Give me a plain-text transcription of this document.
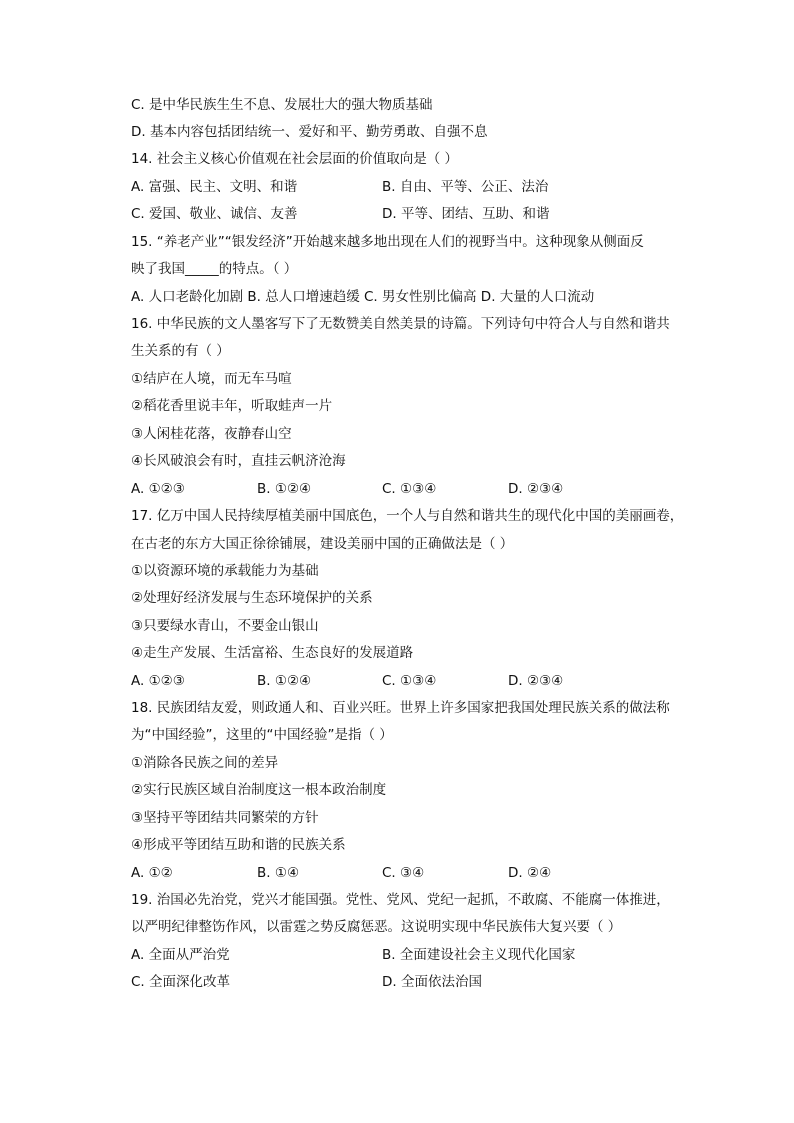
C. 是中华民族生生不息、发展壮大的强大物质基础
D. 基本内容包括团结统一、爱好和平、勤劳勇敢、自强不息
14. 社会主义核心价值观在社会层面的价值取向是（ ）
A. 富强、民主、文明、和谐	B. 自由、平等、公正、法治
C. 爱国、敬业、诚信、友善	D. 平等、团结、互助、和谐
15. “养老产业”“银发经济”开始越来越多地出现在人们的视野当中。这种现象从侧面反
映了我国_____的特点。（ ）
A. 人口老龄化加剧 B. 总人口增速趋缓 C. 男女性别比偏高 D. 大量的人口流动
16. 中华民族的文人墨客写下了无数赞美自然美景的诗篇。下列诗句中符合人与自然和谐共
生关系的有（ ）
①结庐在人境，而无车马喧
②稻花香里说丰年，听取蛙声一片
③人闲桂花落，夜静春山空
④长风破浪会有时，直挂云帆济沧海
A. ①②③	B. ①②④	C. ①③④	D. ②③④
17. 亿万中国人民持续厚植美丽中国底色，一个人与自然和谐共生的现代化中国的美丽画卷，
在古老的东方大国正徐徐铺展，建设美丽中国的正确做法是（ ）
①以资源环境的承载能力为基础
②处理好经济发展与生态环境保护的关系
③只要绿水青山，不要金山银山
④走生产发展、生活富裕、生态良好的发展道路
A. ①②③	B. ①②④	C. ①③④	D. ②③④
18. 民族团结友爱，则政通人和、百业兴旺。世界上许多国家把我国处理民族关系的做法称
为“中国经验”，这里的“中国经验”是指（ ）
①消除各民族之间的差异
②实行民族区域自治制度这一根本政治制度
③坚持平等团结共同繁荣的方针
④形成平等团结互助和谐的民族关系
A. ①②	B. ①④	C. ③④	D. ②④
19. 治国必先治党，党兴才能国强。党性、党风、党纪一起抓，不敢腐、不能腐一体推进，
以严明纪律整饬作风，以雷霆之势反腐惩恶。这说明实现中华民族伟大复兴要（ ）
A. 全面从严治党	B. 全面建设社会主义现代化国家
C. 全面深化改革	D. 全面依法治国
